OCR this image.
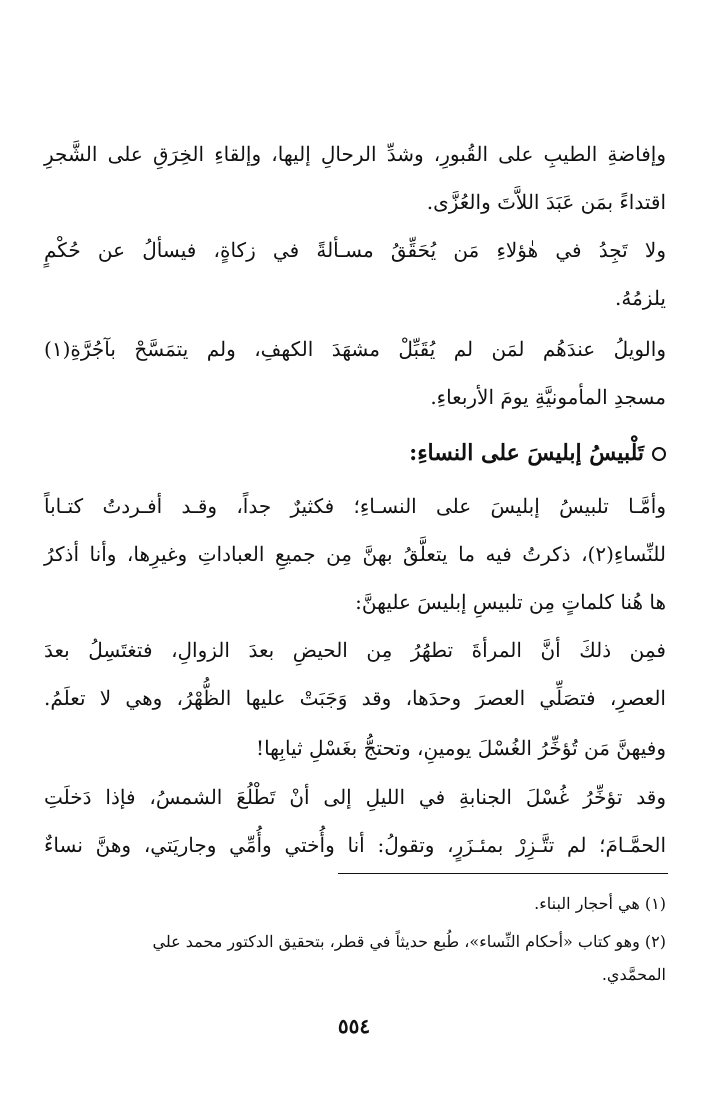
وإفاضةِ الطيبِ على القُبورِ، وشدِّ الرحالِ إليها، وإلقاءِ الخِرَقِ على الشَّجرِ
اقتداءً بمَن عَبَدَ اللاَّتَ والعُزَّى.
ولا تَجِدُ في هٰؤلاءِ مَن يُحَقِّقُ مسـألةً في زكاةٍ، فيسألُ عن حُكْمٍ
يلزمُهُ.
والويلُ عندَهُم لمَن لم يُقَبِّلْ مشهَدَ الكهفِ، ولم يتمَسَّحْ بآجُرَّةِ(١)
مسجدِ المأمونيَّةِ يومَ الأربعاءِ.
تَلْبيسُ إبليسَ على النساءِ:
وأمَّـا تلبيسُ إبليسَ على النسـاءِ؛ فكثيرٌ جداً، وقـد أفـردتُ كتـاباً
للنِّساءِ(٢)، ذكرتُ فيه ما يتعلَّقُ بهنَّ مِن جميعِ العباداتِ وغيرِها، وأنا أذكرُ
ها هُنا كلماتٍ مِن تلبيسِ إبليسَ عليهنَّ:
فمِن ذلكَ أنَّ المرأةَ تطهُرُ مِن الحيضِ بعدَ الزوالِ، فتغتَسِلُ بعدَ
العصرِ، فتصَلِّي العصرَ وحدَها، وقد وَجَبَتْ عليها الظُّهْرُ، وهي لا تعلَمُ.
وفيهنَّ مَن تُؤخِّرُ الغُسْلَ يومينِ، وتحتجُّ بغَسْلِ ثيابِها!
وقد تؤخِّرُ غُسْلَ الجنابةِ في الليلِ إلى أنْ تَطْلُعَ الشمسُ، فإذا دَخلَتِ
الحمَّـامَ؛ لم تتَّـزِرْ بمئـزَرٍ، وتقولُ: أنا وأُختي وأُمِّي وجاريَتي، وهنَّ نساءٌ
(١) هي أحجار البناء.
(٢) وهو كتاب «أحكام النِّساء»، طُبع حديثاً في قطر، بتحقيق الدكتور محمد علي
المحمَّدي.
٥٥٤
